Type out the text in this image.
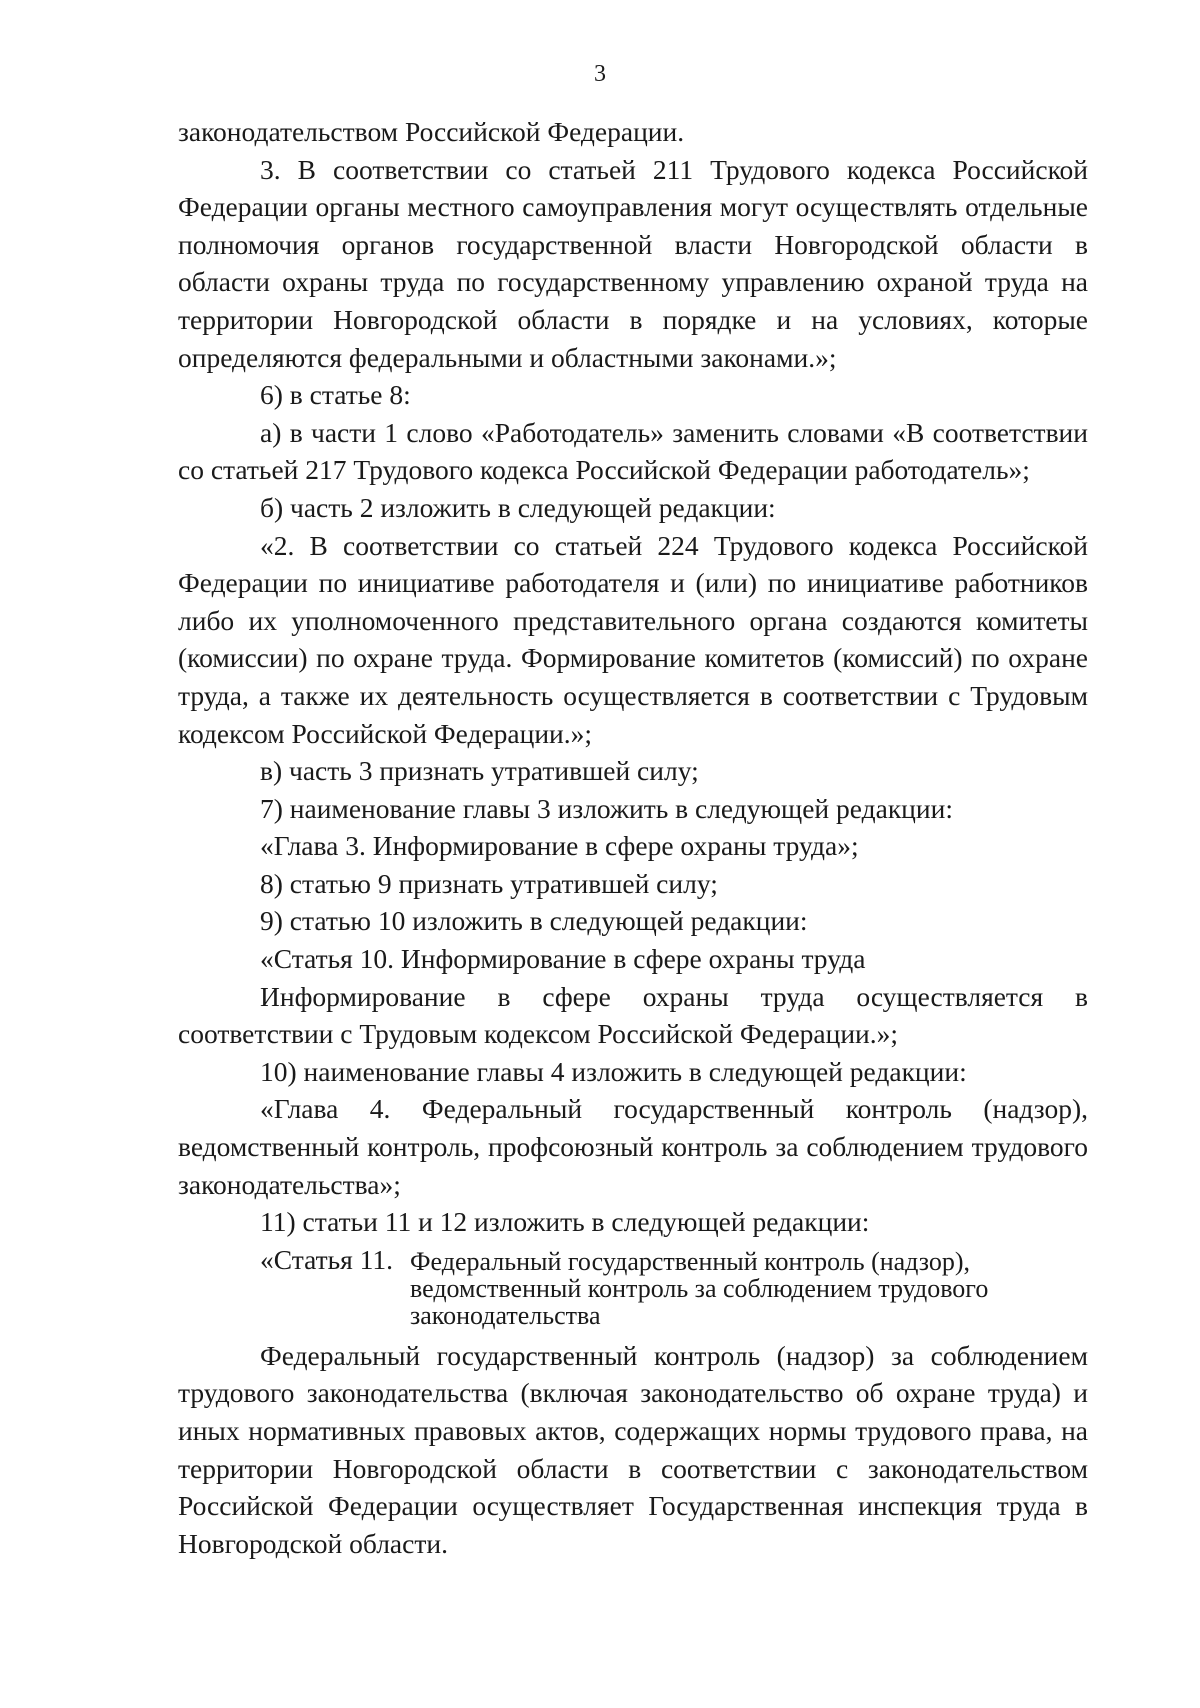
3

законодательством Российской Федерации.

3. В соответствии со статьей 211 Трудового кодекса Российской Федерации органы местного самоуправления могут осуществлять отдельные полномочия органов государственной власти Новгородской области в области охраны труда по государственному управлению охраной труда на территории Новгородской области в порядке и на условиях, которые определяются федеральными и областными законами.»;

6) в статье 8:

а) в части 1 слово «Работодатель» заменить словами «В соответствии со статьей 217 Трудового кодекса Российской Федерации работодатель»;

б) часть 2 изложить в следующей редакции:

«2. В соответствии со статьей 224 Трудового кодекса Российской Федерации по инициативе работодателя и (или) по инициативе работников либо их уполномоченного представительного органа создаются комитеты (комиссии) по охране труда. Формирование комитетов (комиссий) по охране труда, а также их деятельность осуществляется в соответствии с Трудовым кодексом Российской Федерации.»;

в) часть 3 признать утратившей силу;

7) наименование главы 3 изложить в следующей редакции:

«Глава 3. Информирование в сфере охраны труда»;

8) статью 9 признать утратившей силу;

9) статью 10 изложить в следующей редакции:

«Статья 10. Информирование в сфере охраны труда

Информирование в сфере охраны труда осуществляется в соответствии с Трудовым кодексом Российской Федерации.»;

10) наименование главы 4 изложить в следующей редакции:

«Глава 4. Федеральный государственный контроль (надзор), ведомственный контроль, профсоюзный контроль за соблюдением трудового законодательства»;

11) статьи 11 и 12 изложить в следующей редакции:

«Статья 11. Федеральный государственный контроль (надзор), ведомственный контроль за соблюдением трудового законодательства

Федеральный государственный контроль (надзор) за соблюдением трудового законодательства (включая законодательство об охране труда) и иных нормативных правовых актов, содержащих нормы трудового права, на территории Новгородской области в соответствии с законодательством Российской Федерации осуществляет Государственная инспекция труда в Новгородской области.
